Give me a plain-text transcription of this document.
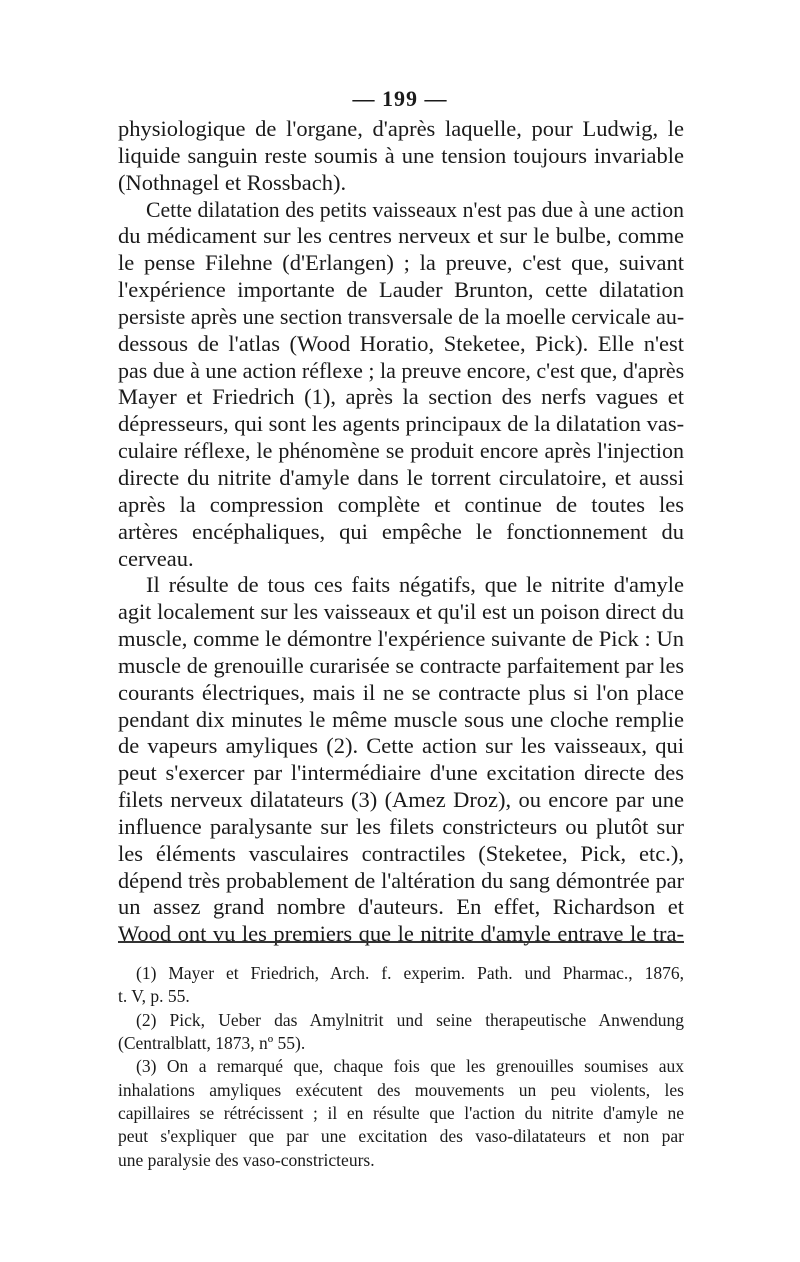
— 199 —
physiologique de l'organe, d'après laquelle, pour Ludwig, le
liquide sanguin reste soumis à une tension toujours invariable
(Nothnagel et Rossbach).
Cette dilatation des petits vaisseaux n'est pas due à une action
du médicament sur les centres nerveux et sur le bulbe, comme
le pense Filehne (d'Erlangen) ; la preuve, c'est que, suivant
l'expérience importante de Lauder Brunton, cette dilatation
persiste après une section transversale de la moelle cervicale au-
dessous de l'atlas (Wood Horatio, Steketee, Pick). Elle n'est
pas due à une action réflexe ; la preuve encore, c'est que, d'après
Mayer et Friedrich (1), après la section des nerfs vagues et
dépresseurs, qui sont les agents principaux de la dilatation vas-
culaire réflexe, le phénomène se produit encore après l'injection
directe du nitrite d'amyle dans le torrent circulatoire, et aussi
après la compression complète et continue de toutes les
artères encéphaliques, qui empêche le fonctionnement du
cerveau.
Il résulte de tous ces faits négatifs, que le nitrite d'amyle
agit localement sur les vaisseaux et qu'il est un poison direct du
muscle, comme le démontre l'expérience suivante de Pick : Un
muscle de grenouille curarisée se contracte parfaitement par les
courants électriques, mais il ne se contracte plus si l'on place
pendant dix minutes le même muscle sous une cloche remplie
de vapeurs amyliques (2). Cette action sur les vaisseaux, qui
peut s'exercer par l'intermédiaire d'une excitation directe des
filets nerveux dilatateurs (3) (Amez Droz), ou encore par une
influence paralysante sur les filets constricteurs ou plutôt sur
les éléments vasculaires contractiles (Steketee, Pick, etc.),
dépend très probablement de l'altération du sang démontrée par
un assez grand nombre d'auteurs. En effet, Richardson et
Wood ont vu les premiers que le nitrite d'amyle entrave le tra-
(1) Mayer et Friedrich, Arch. f. experim. Path. und Pharmac., 1876,
t. V, p. 55.
(2) Pick, Ueber das Amylnitrit und seine therapeutische Anwendung
(Centralblatt, 1873, nº 55).
(3) On a remarqué que, chaque fois que les grenouilles soumises aux
inhalations amyliques exécutent des mouvements un peu violents, les
capillaires se rétrécissent ; il en résulte que l'action du nitrite d'amyle ne
peut s'expliquer que par une excitation des vaso-dilatateurs et non par
une paralysie des vaso-constricteurs.
